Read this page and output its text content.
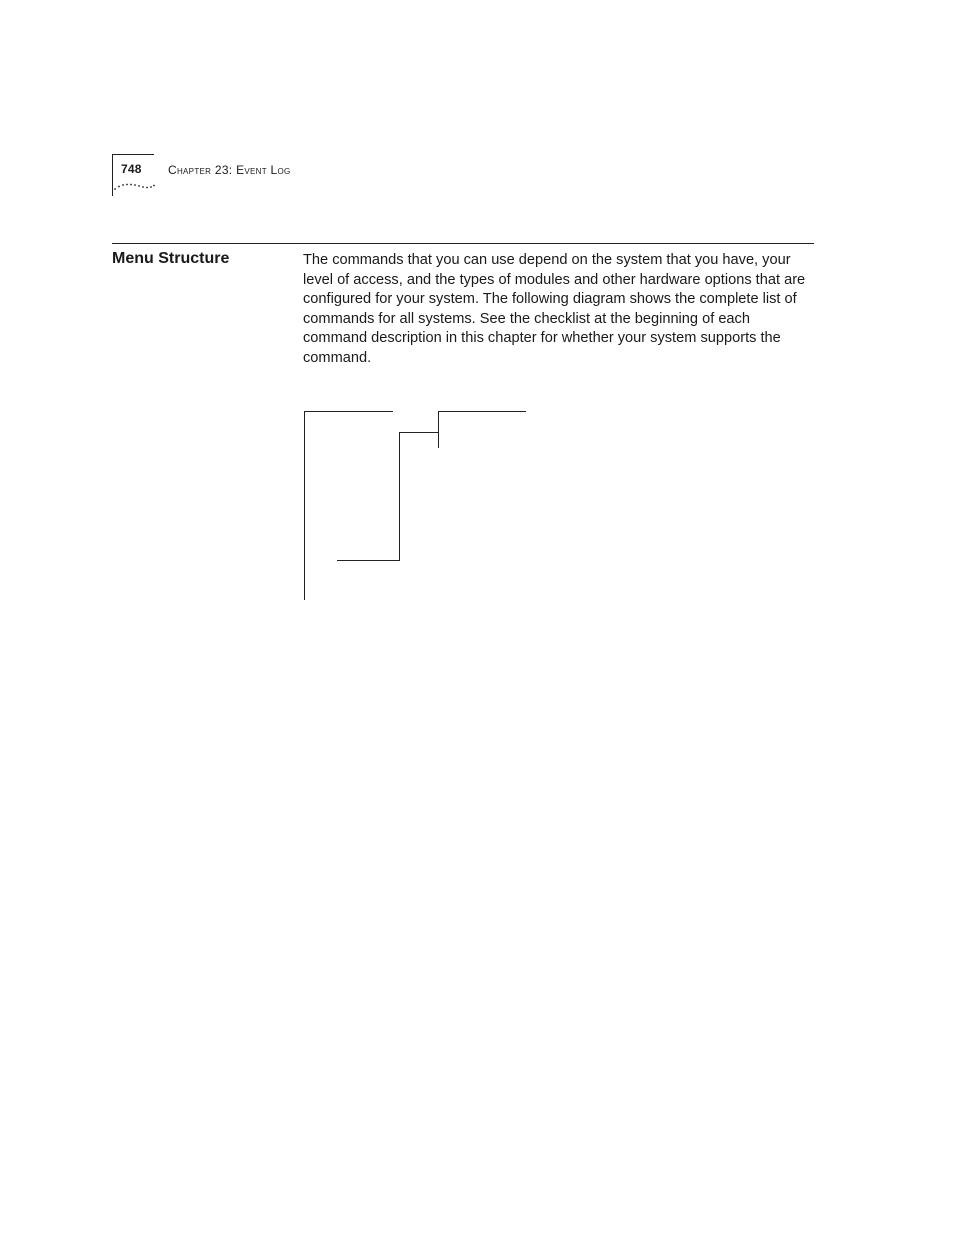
748 Chapter 23: Event Log
Menu Structure	The commands that you can use depend on the system that you have, your level of access, and the types of modules and other hardware options that are configured for your system. The following diagram shows the complete list of commands for all systems. See the checklist at the beginning of each command description in this chapter for whether your system supports the command.
